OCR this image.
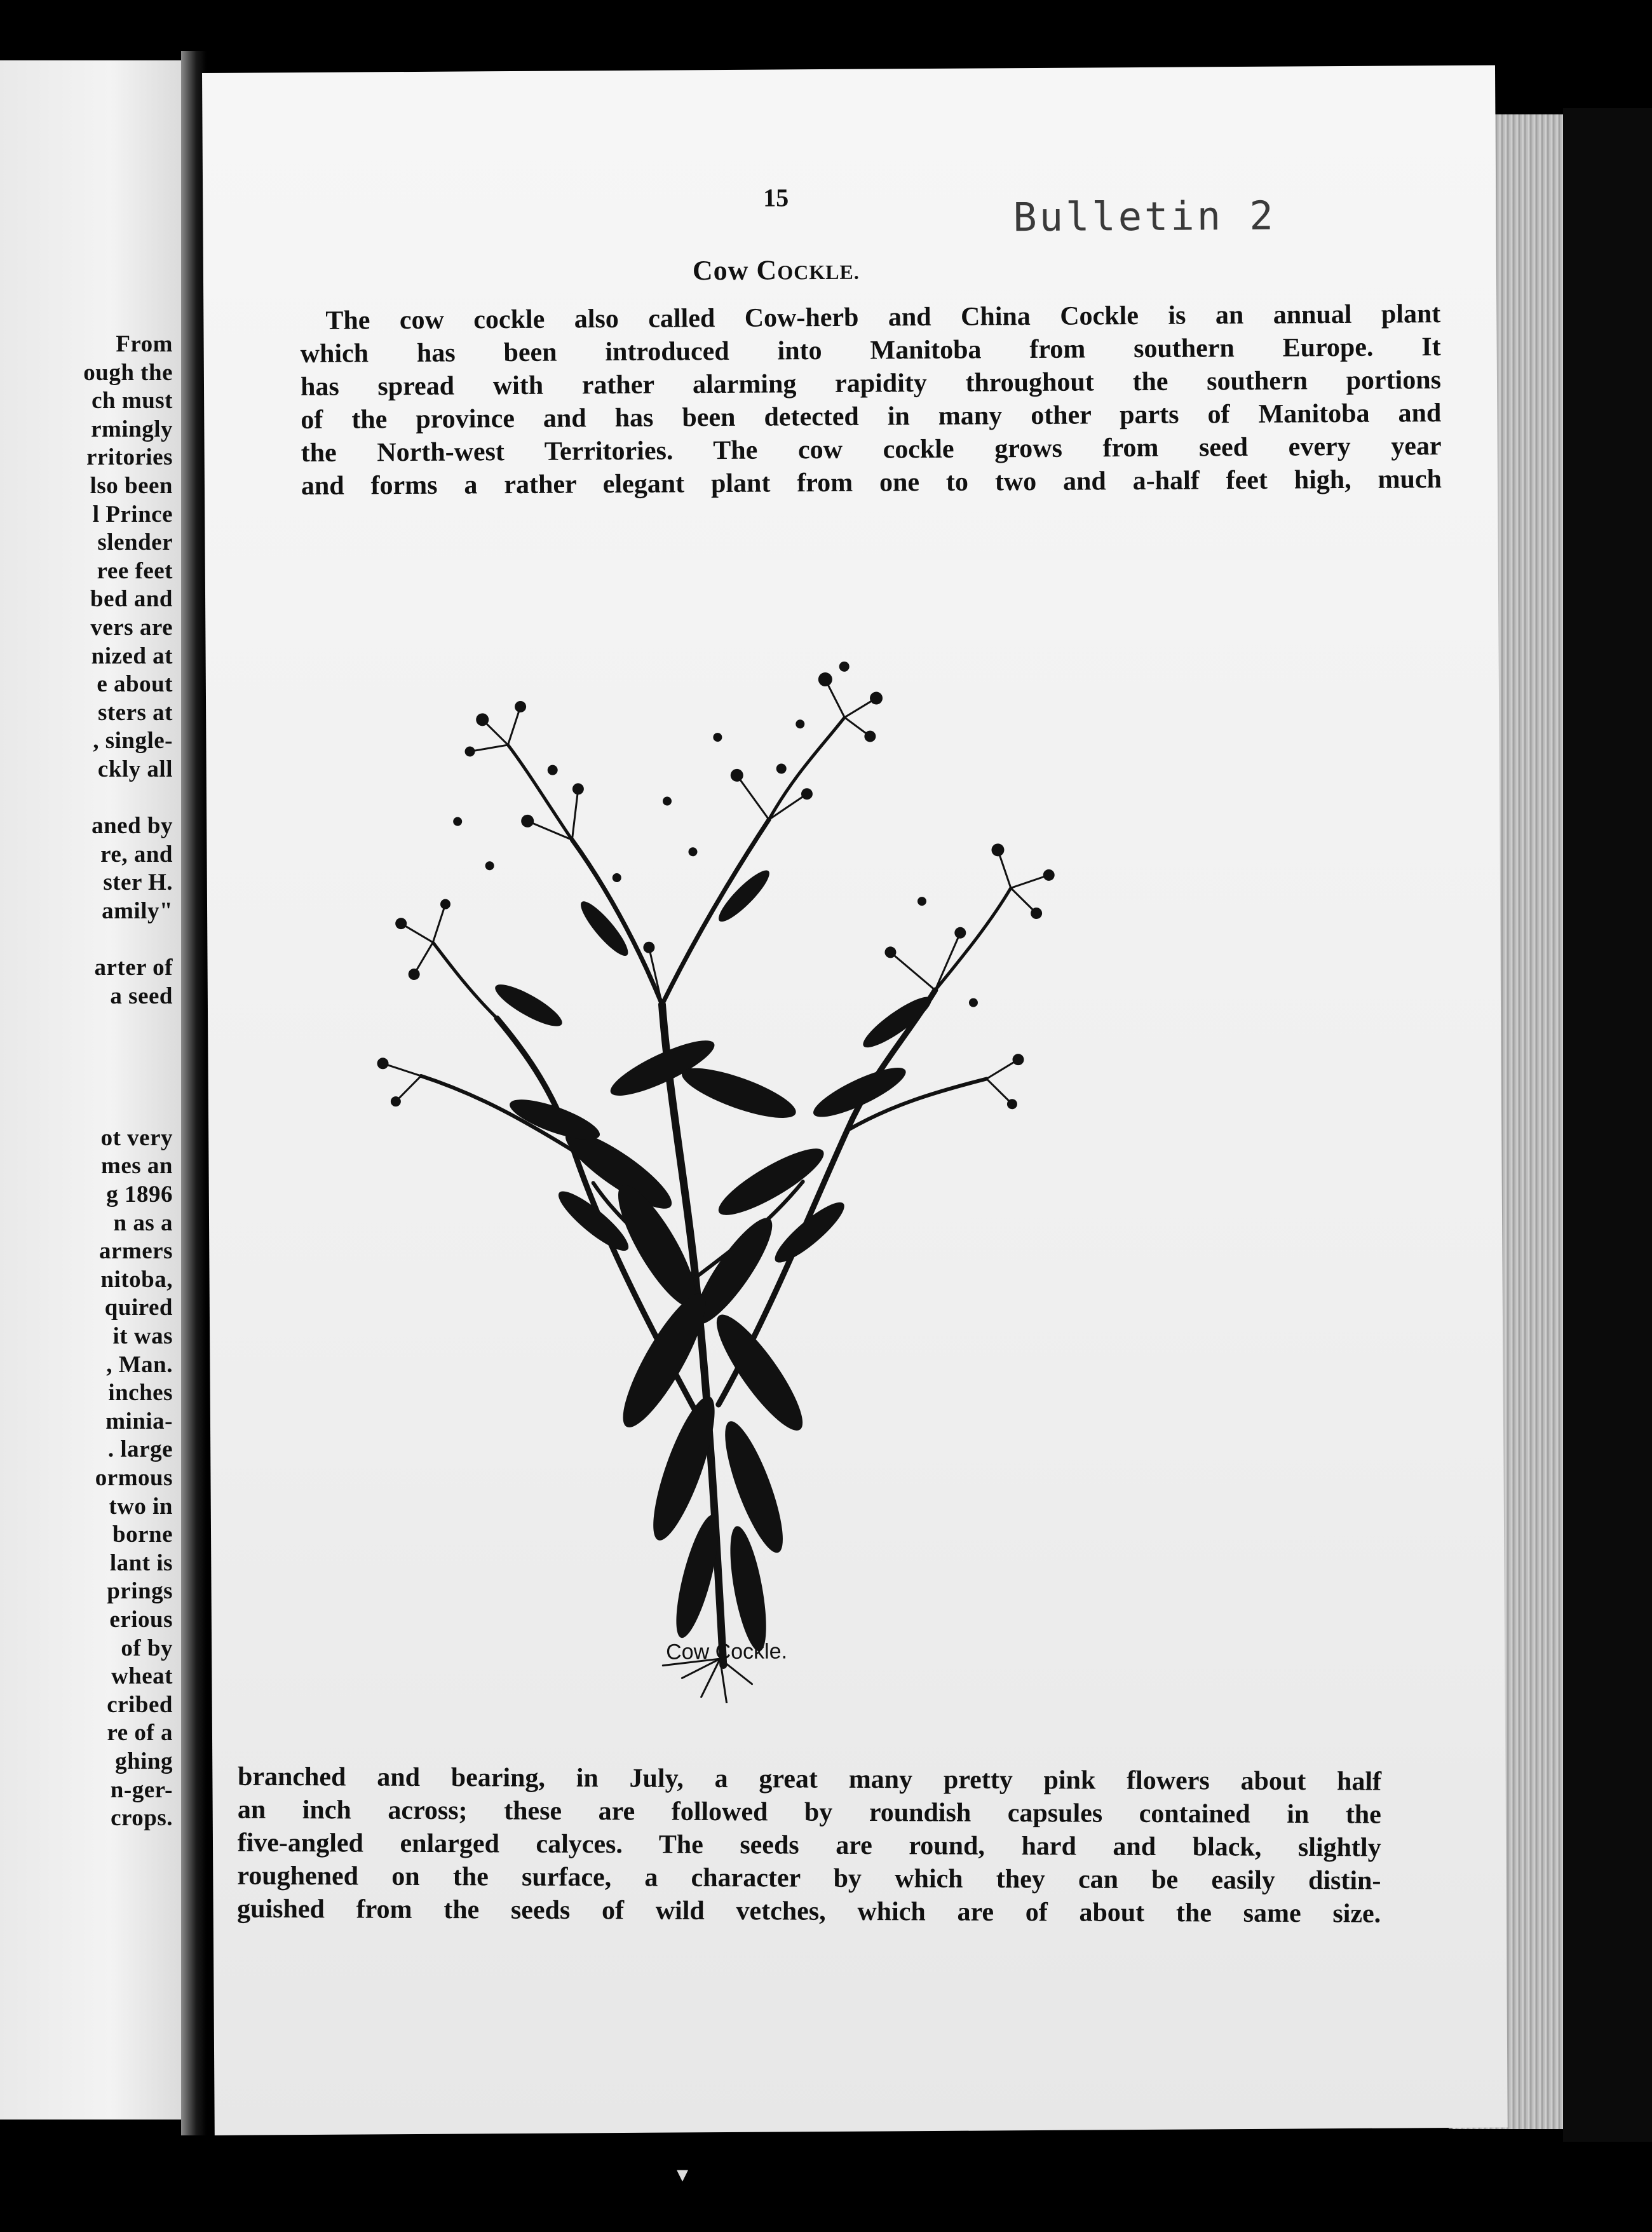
From
ough the
ch must
rmingly
rritories
lso been
l Prince
slender
ree feet
bed and
vers are
nized at
e about
sters at
, single-
ckly all
aned by
re, and
ster H.
amily"
arter of
a seed
ot very
mes an
g 1896
n as a
armers
nitoba,
quired
it was
, Man.
inches
minia-
. large
ormous
two in
borne
lant is
prings
erious
of by
wheat
cribed
re of a
ghing
n-ger-
crops.
15	Bulletin 2
Cow COCKLE.
The cow cockle also called Cow-herb and China Cockle is an annual plant
which has been introduced into Manitoba from southern Europe. It
has spread with rather alarming rapidity throughout the southern portions
of the province and has been detected in many other parts of Manitoba and
the North-west Territories. The cow cockle grows from seed every year
and forms a rather elegant plant from one to two and a-half feet high, much
Cow Cockle.
branched and bearing, in July, a great many pretty pink flowers about half
an inch across; these are followed by roundish capsules contained in the
five-angled enlarged calyces. The seeds are round, hard and black, slightly
roughened on the surface, a character by which they can be easily distin-
guished from the seeds of wild vetches, which are of about the same size.
▾
